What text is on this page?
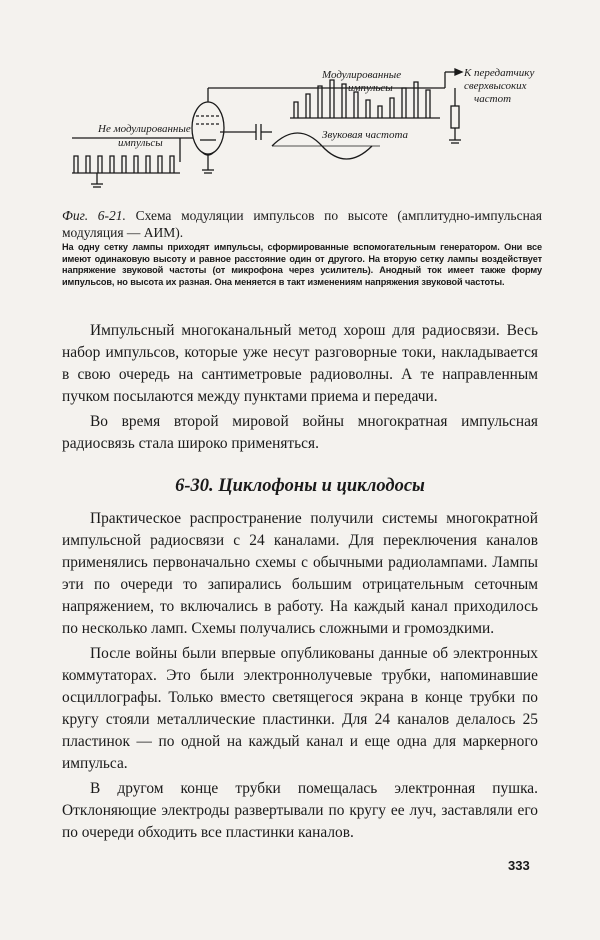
Не модулированные
импульсы
Модулированные
импульсы
К передатчику
сверхвысоких
частот
Звуковая частота
Фиг. 6-21. Схема модуляции импульсов по высоте (амплитудно-импульсная модуляция — АИМ).
На одну сетку лампы приходят импульсы, сформированные вспомогательным генератором. Они все имеют одинаковую высоту и равное расстояние один от другого. На вторую сетку лампы воздействует напряжение звуковой частоты (от микрофона через усилитель). Анодный ток имеет также форму импульсов, но высота их разная. Она меняется в такт изменениям напряжения звуковой частоты.

Импульсный многоканальный метод хорош для радиосвязи. Весь набор импульсов, которые уже несут разговорные токи, накладывается в свою очередь на сантиметровые радиоволны. А те направленным пучком посылаются между пунктами приема и передачи.

Во время второй мировой войны многократная импульсная радиосвязь стала широко применяться.

6-30. Циклофоны и циклодосы

Практическое распространение получили системы многократной импульсной радиосвязи с 24 каналами. Для переключения каналов применялись первоначально схемы с обычными радиолампами. Лампы эти по очереди то запирались большим отрицательным сеточным напряжением, то включались в работу. На каждый канал приходилось по несколько ламп. Схемы получались сложными и громоздкими.

После войны были впервые опубликованы данные об электронных коммутаторах. Это были электроннолучевые трубки, напоминавшие осциллографы. Только вместо светящегося экрана в конце трубки по кругу стояли металлические пластинки. Для 24 каналов делалось 25 пластинок — по одной на каждый канал и еще одна для маркерного импульса.

В другом конце трубки помещалась электронная пушка. Отклоняющие электроды развертывали по кругу ее луч, заставляли его по очереди обходить все пластинки каналов.

333
